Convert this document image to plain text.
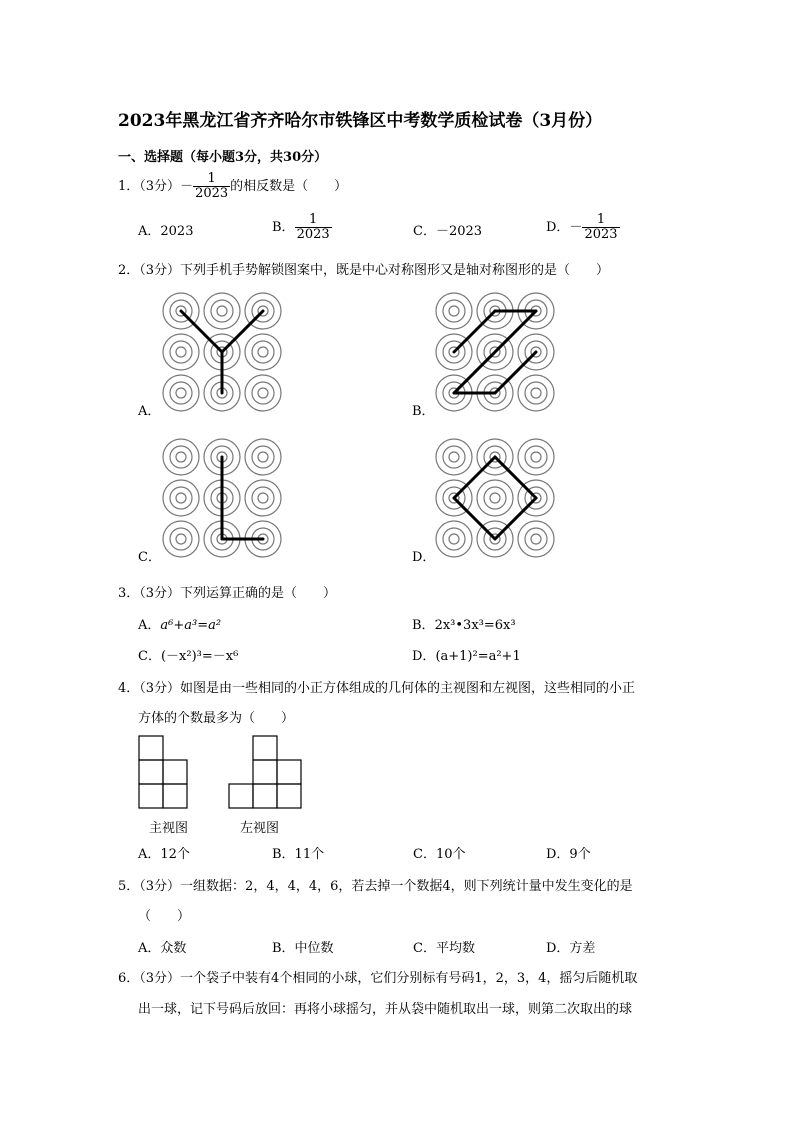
2023年黑龙江省齐齐哈尔市铁锋区中考数学质检试卷（3月份）
一、选择题（每小题3分，共30分）
1．（3分）－ $\frac{1}{2023}$ 的相反数是（　　）
A．2023	B． $\frac{1}{2023}$	C．－2023	D．－ $\frac{1}{2023}$
2．（3分）下列手机手势解锁图案中，既是中心对称图形又是轴对称图形的是（　　）
A．	B．
C．	D．
3．（3分）下列运算正确的是（　　）
A．a⁶+a³=a²	B．2x³•3x³=6x³
C．(－x²)³=－x⁶	D．(a+1)²=a²+1
4．（3分）如图是由一些相同的小正方体组成的几何体的主视图和左视图，这些相同的小正
方体的个数最多为（　　）
主视图	左视图
A．12个	B．11个	C．10个	D．9个
5．（3分）一组数据：2，4，4，4，6，若去掉一个数据4，则下列统计量中发生变化的是
（　　）
A．众数	B．中位数	C．平均数	D．方差
6．（3分）一个袋子中装有4个相同的小球，它们分别标有号码1，2，3，4，摇匀后随机取
出一球，记下号码后放回：再将小球摇匀，并从袋中随机取出一球，则第二次取出的球
